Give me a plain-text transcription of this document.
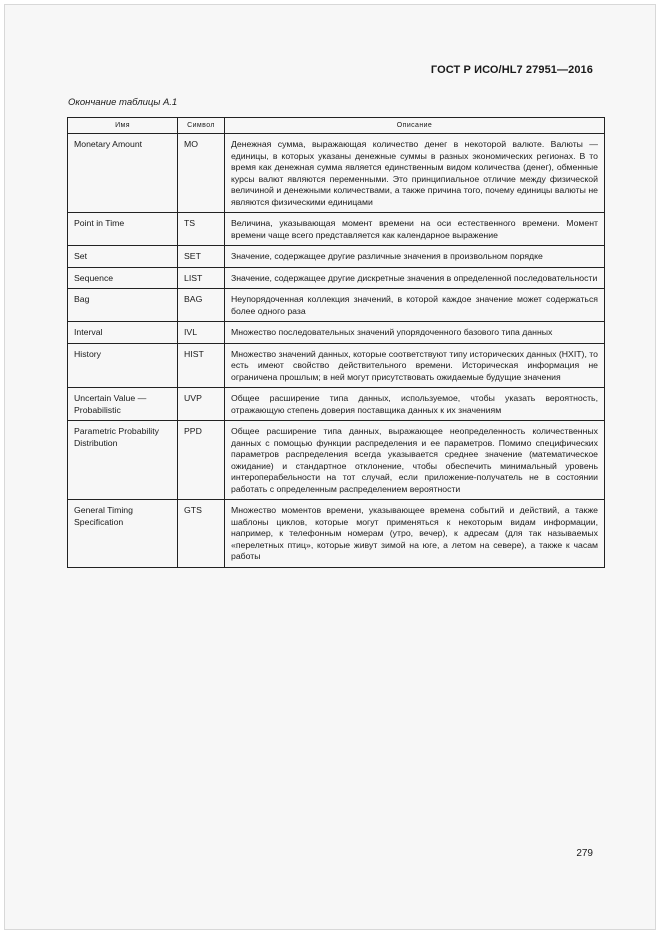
ГОСТ Р ИСО/HL7 27951—2016
Окончание таблицы А.1
Имя	Символ	Описание
Monetary Amount	MO	Денежная сумма, выражающая количество денег в некоторой валюте. Валюты — единицы, в которых указаны денежные суммы в разных экономических регионах. В то время как денежная сумма является единственным видом количества (денег), обменные курсы валют являются переменными. Это принципиальное отличие между физической величиной и денежными количествами, а также причина того, почему единицы валюты не являются физическими единицами
Point in Time	TS	Величина, указывающая момент времени на оси естественного времени. Момент времени чаще всего представляется как календарное выражение
Set	SET	Значение, содержащее другие различные значения в произвольном порядке
Sequence	LIST	Значение, содержащее другие дискретные значения в определенной последовательности
Bag	BAG	Неупорядоченная коллекция значений, в которой каждое значение может содержаться более одного раза
Interval	IVL	Множество последовательных значений упорядоченного базового типа данных
History	HIST	Множество значений данных, которые соответствуют типу исторических данных (HXIT), то есть имеют свойство действительного времени. Историческая информация не ограничена прошлым; в ней могут присутствовать ожидаемые будущие значения
Uncertain Value — Probabilistic	UVP	Общее расширение типа данных, используемое, чтобы указать вероятность, отражающую степень доверия поставщика данных к их значениям
Parametric Probability Distribution	PPD	Общее расширение типа данных, выражающее неопределенность количественных данных с помощью функции распределения и ее параметров. Помимо специфических параметров распределения всегда указывается среднее значение (математическое ожидание) и стандартное отклонение, чтобы обеспечить минимальный уровень интероперабельности на тот случай, если приложение-получатель не в состоянии работать с определенным распределением вероятности
General Timing Specification	GTS	Множество моментов времени, указывающее времена событий и действий, а также шаблоны циклов, которые могут применяться к некоторым видам информации, например, к телефонным номерам (утро, вечер), к адресам (для так называемых «перелетных птиц», которые живут зимой на юге, а летом на севере), а также к часам работы
279
